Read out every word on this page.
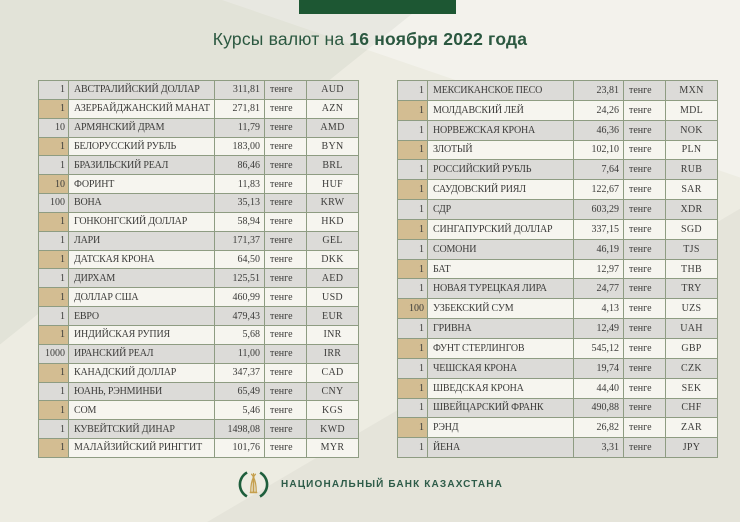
Курсы валют на 16 ноября 2022 года
1 АВСТРАЛИЙСКИЙ ДОЛЛАР	311,81	тенге	AUD
1 АЗЕРБАЙДЖАНСКИЙ МАНАТ	271,81	тенге	AZN
10 АРМЯНСКИЙ ДРАМ	11,79	тенге	AMD
1 БЕЛОРУССКИЙ РУБЛЬ	183,00	тенге	BYN
1 БРАЗИЛЬСКИЙ РЕАЛ	86,46	тенге	BRL
10 ФОРИНТ	11,83	тенге	HUF
100 ВОНА	35,13	тенге	KRW
1 ГОНКОНГСКИЙ ДОЛЛАР	58,94	тенге	HKD
1 ЛАРИ	171,37	тенге	GEL
1 ДАТСКАЯ КРОНА	64,50	тенге	DKK
1 ДИРХАМ	125,51	тенге	AED
1 ДОЛЛАР США	460,99	тенге	USD
1 ЕВРО	479,43	тенге	EUR
1 ИНДИЙСКАЯ РУПИЯ	5,68	тенге	INR
1000 ИРАНСКИЙ РЕАЛ	11,00	тенге	IRR
1 КАНАДСКИЙ ДОЛЛАР	347,37	тенге	CAD
1 ЮАНЬ, РЭНМИНБИ	65,49	тенге	CNY
1 СОМ	5,46	тенге	KGS
1 КУВЕЙТСКИЙ ДИНАР	1498,08	тенге	KWD
1 МАЛАЙЗИЙСКИЙ РИНГГИТ	101,76	тенге	MYR
1 МЕКСИКАНСКОЕ ПЕСО	23,81	тенге	MXN
1 МОЛДАВСКИЙ ЛЕЙ	24,26	тенге	MDL
1 НОРВЕЖСКАЯ КРОНА	46,36	тенге	NOK
1 ЗЛОТЫЙ	102,10	тенге	PLN
1 РОССИЙСКИЙ РУБЛЬ	7,64	тенге	RUB
1 САУДОВСКИЙ РИЯЛ	122,67	тенге	SAR
1 СДР	603,29	тенге	XDR
1 СИНГАПУРСКИЙ ДОЛЛАР	337,15	тенге	SGD
1 СОМОНИ	46,19	тенге	TJS
1 БАТ	12,97	тенге	THB
1 НОВАЯ ТУРЕЦКАЯ ЛИРА	24,77	тенге	TRY
100 УЗБЕКСКИЙ СУМ	4,13	тенге	UZS
1 ГРИВНА	12,49	тенге	UAH
1 ФУНТ СТЕРЛИНГОВ	545,12	тенге	GBP
1 ЧЕШСКАЯ КРОНА	19,74	тенге	CZK
1 ШВЕДСКАЯ КРОНА	44,40	тенге	SEK
1 ШВЕЙЦАРСКИЙ ФРАНК	490,88	тенге	CHF
1 РЭНД	26,82	тенге	ZAR
1 ЙЕНА	3,31	тенге	JPY
НАЦИОНАЛЬНЫЙ БАНК КАЗАХСТАНА
